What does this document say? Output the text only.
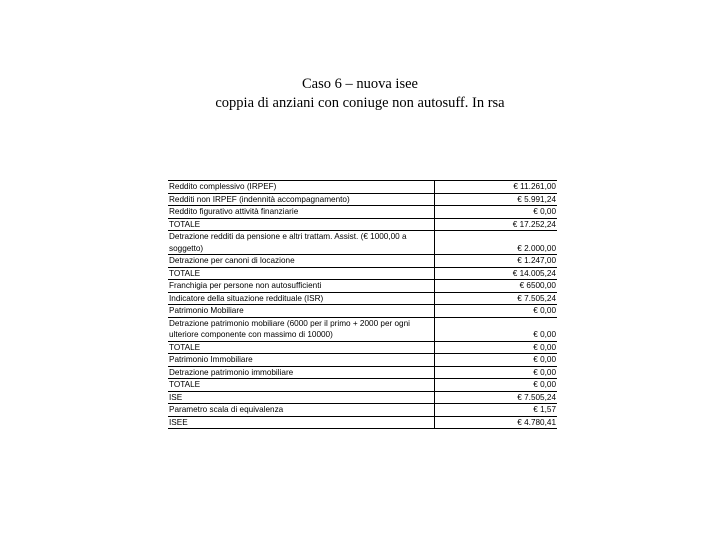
Caso 6 – nuova isee
coppia di anziani con coniuge non autosuff. In rsa
Reddito complessivo (IRPEF)	€ 11.261,00
Redditi non IRPEF (indennità accompagnamento)	€ 5.991,24
Reddito figurativo attività finanziarie	€ 0,00
TOTALE	€ 17.252,24
Detrazione redditi da pensione e altri trattam. Assist. (€ 1000,00 a soggetto)	€ 2.000,00
Detrazione per canoni di locazione	€ 1.247,00
TOTALE	€ 14.005,24
Franchigia per persone non autosufficienti	€ 6500,00
Indicatore della situazione reddituale (ISR)	€ 7.505,24
Patrimonio Mobiliare	€ 0,00
Detrazione patrimonio mobiliare (6000 per il primo + 2000 per ogni ulteriore componente con massimo di 10000)	€ 0,00
TOTALE	€ 0,00
Patrimonio Immobiliare	€ 0,00
Detrazione patrimonio immobiliare	€ 0,00
TOTALE	€ 0,00
ISE	€ 7.505,24
Parametro scala di equivalenza	€ 1,57
ISEE	€ 4.780,41
